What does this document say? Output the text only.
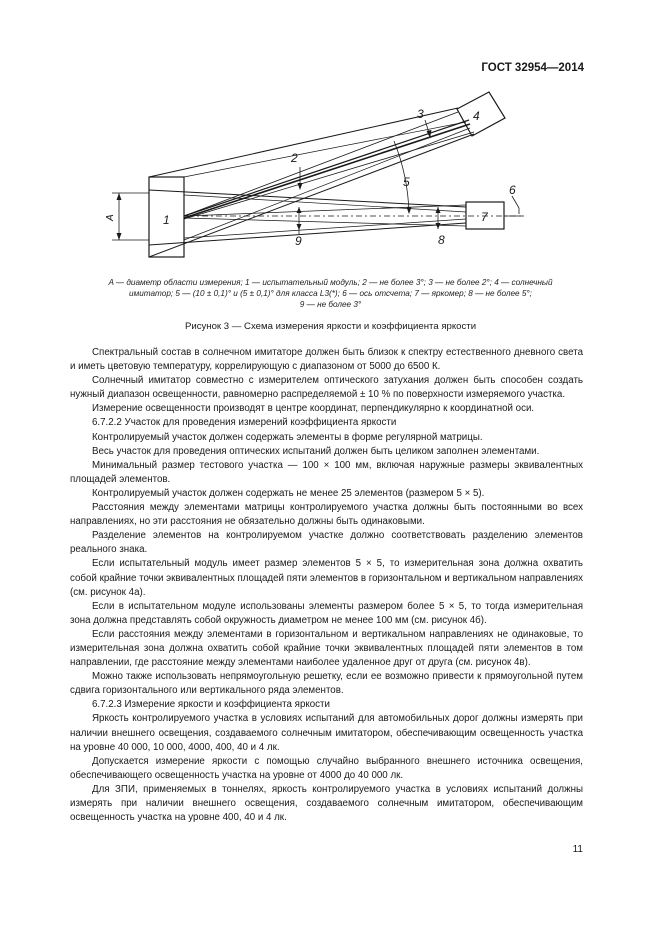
ГОСТ 32954—2014
1
2
3	4
5
6
7
8
9
A
A — диаметр области измерения; 1 — испытательный модуль; 2 — не более 3°; 3 — не более 2°; 4 — солнечный
имитатор; 5 — (10 ± 0,1)° и (5 ± 0,1)° для класса L3(*); 6 — ось отсчета; 7 — яркомер; 8 — не более 5°;
9 — не более 3°
Рисунок 3 — Схема измерения яркости и коэффициента яркости

Спектральный состав в солнечном имитаторе должен быть близок к спектру естественного дневного света и иметь цветовую температуру, коррелирующую с диапазоном от 5000 до 6500 К.

Солнечный имитатор совместно с измерителем оптического затухания должен быть способен создать нужный диапазон освещенности, равномерно распределяемой ± 10 % по поверхности измеряемого участка.

Измерение освещенности производят в центре координат, перпендикулярно к координатной оси.

6.7.2.2 Участок для проведения измерений коэффициента яркости

Контролируемый участок должен содержать элементы в форме регулярной матрицы.

Весь участок для проведения оптических испытаний должен быть целиком заполнен элементами.

Минимальный размер тестового участка — 100 × 100 мм, включая наружные размеры эквивалентных площадей элементов.

Контролируемый участок должен содержать не менее 25 элементов (размером 5 × 5).

Расстояния между элементами матрицы контролируемого участка должны быть постоянными во всех направлениях, но эти расстояния не обязательно должны быть одинаковыми.

Разделение элементов на контролируемом участке должно соответствовать разделению элементов реального знака.

Если испытательный модуль имеет размер элементов 5 × 5, то измерительная зона должна охватить собой крайние точки эквивалентных площадей пяти элементов в горизонтальном и вертикальном направлениях (см. рисунок 4а).

Если в испытательном модуле использованы элементы размером более 5 × 5, то тогда измерительная зона должна представлять собой окружность диаметром не менее 100 мм (см. рисунок 4б).

Если расстояния между элементами в горизонтальном и вертикальном направлениях не одинаковые, то измерительная зона должна охватить собой крайние точки эквивалентных площадей пяти элементов в том направлении, где расстояние между элементами наиболее удаленное друг от друга (см. рисунок 4в).

Можно также использовать непрямоугольную решетку, если ее возможно привести к прямоугольной путем сдвига горизонтального или вертикального ряда элементов.

6.7.2.3 Измерение яркости и коэффициента яркости

Яркость контролируемого участка в условиях испытаний для автомобильных дорог должны измерять при наличии внешнего освещения, создаваемого солнечным имитатором, обеспечивающим освещенность участка на уровне 40 000, 10 000, 4000, 400, 40 и 4 лк.

Допускается измерение яркости с помощью случайно выбранного внешнего источника освещения, обеспечивающего освещенность участка на уровне от 4000 до 40 000 лк.

Для ЗПИ, применяемых в тоннелях, яркость контролируемого участка в условиях испытаний должны измерять при наличии внешнего освещения, создаваемого солнечным имитатором, обеспечивающим освещенность участка на уровне 400, 40 и 4 лк.

11
